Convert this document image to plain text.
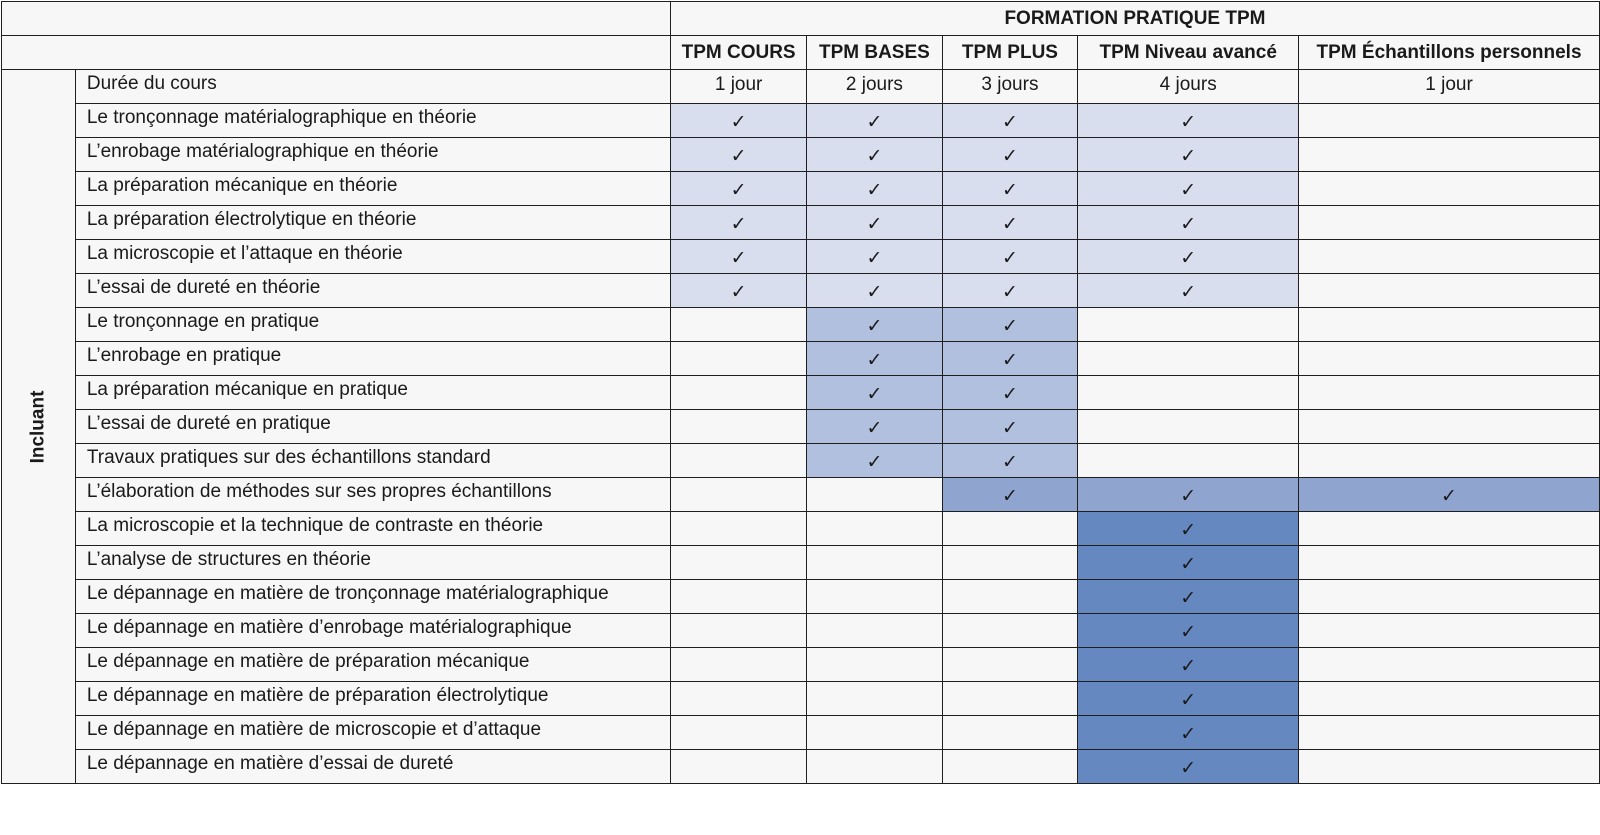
		FORMATION PRATIQUE TPM				
		TPM COURS	TPM BASES	TPM PLUS	TPM Niveau avancé	TPM Échantillons personnels
Incluant	Durée du cours	1 jour	2 jours	3 jours	4 jours	1 jour
	Le tronçonnage matérialographique en théorie	✓	✓	✓	✓	
	L’enrobage matérialographique en théorie	✓	✓	✓	✓	
	La préparation mécanique en théorie	✓	✓	✓	✓	
	La préparation électrolytique en théorie	✓	✓	✓	✓	
	La microscopie et l’attaque en théorie	✓	✓	✓	✓	
	L’essai de dureté en théorie	✓	✓	✓	✓	
	Le tronçonnage en pratique		✓	✓		
	L’enrobage en pratique		✓	✓		
	La préparation mécanique en pratique		✓	✓		
	L’essai de dureté en pratique		✓	✓		
	Travaux pratiques sur des échantillons standard		✓	✓		
	L’élaboration de méthodes sur ses propres échantillons			✓	✓	✓
	La microscopie et la technique de contraste en théorie				✓	
	L’analyse de structures en théorie				✓	
	Le dépannage en matière de tronçonnage matérialographique				✓	
	Le dépannage en matière d’enrobage matérialographique				✓	
	Le dépannage en matière de préparation mécanique				✓	
	Le dépannage en matière de préparation électrolytique				✓	
	Le dépannage en matière de microscopie et d’attaque				✓	
	Le dépannage en matière d’essai de dureté				✓	
